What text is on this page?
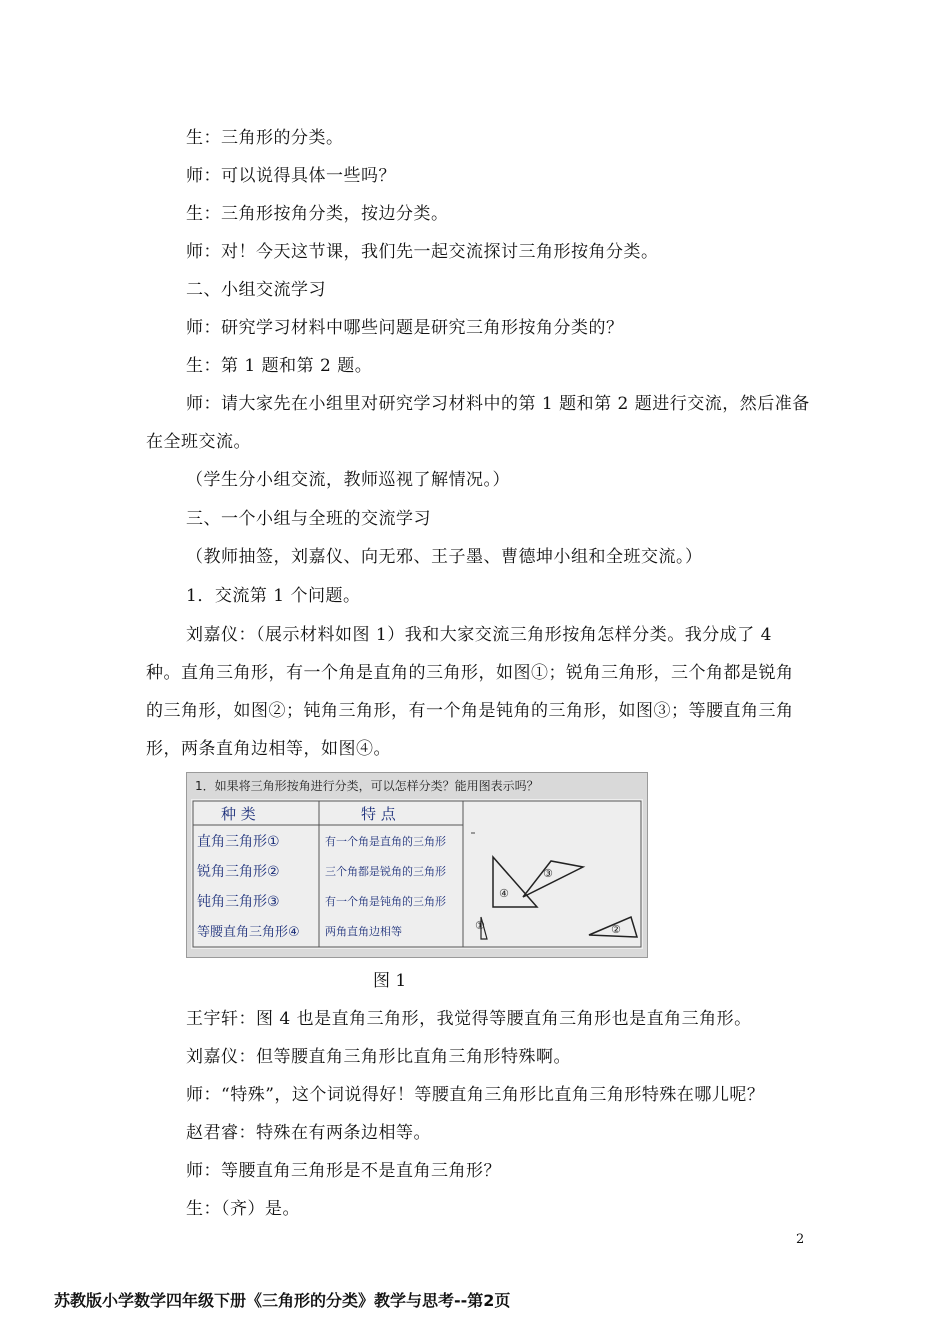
生：三角形的分类。

师：可以说得具体一些吗？

生：三角形按角分类，按边分类。

师：对！今天这节课，我们先一起交流探讨三角形按角分类。

二、小组交流学习

师：研究学习材料中哪些问题是研究三角形按角分类的？

生：第 1 题和第 2 题。

师：请大家先在小组里对研究学习材料中的第 1 题和第 2 题进行交流，然后准备在全班交流。

（学生分小组交流，教师巡视了解情况。）

三、一个小组与全班的交流学习

（教师抽签，刘嘉仪、向无邪、王子墨、曹德坤小组和全班交流。）

1．交流第 1 个问题。

刘嘉仪：（展示材料如图 1）我和大家交流三角形按角怎样分类。我分成了 4 种。直角三角形，有一个角是直角的三角形，如图①；锐角三角形，三个角都是锐角的三角形，如图②；钝角三角形，有一个角是钝角的三角形，如图③；等腰直角三角形，两条直角边相等，如图④。

1．如果将三角形按角进行分类，可以怎样分类？能用图表示吗？
种 类	特 点
直角三角形①	有一个角是直角的三角形
锐角三角形②	三个角都是锐角的三角形
钝角三角形③	有一个角是钝角的三角形
等腰直角三角形④ 两角直角边相等
④
③
①	②
图 1

王宇轩：图 4 也是直角三角形，我觉得等腰直角三角形也是直角三角形。

刘嘉仪：但等腰直角三角形比直角三角形特殊啊。

师：“特殊”，这个词说得好！等腰直角三角形比直角三角形特殊在哪儿呢？

赵君睿：特殊在有两条边相等。

师：等腰直角三角形是不是直角三角形？

生：（齐）是。

2
苏教版小学数学四年级下册《三角形的分类》教学与思考--第2页
